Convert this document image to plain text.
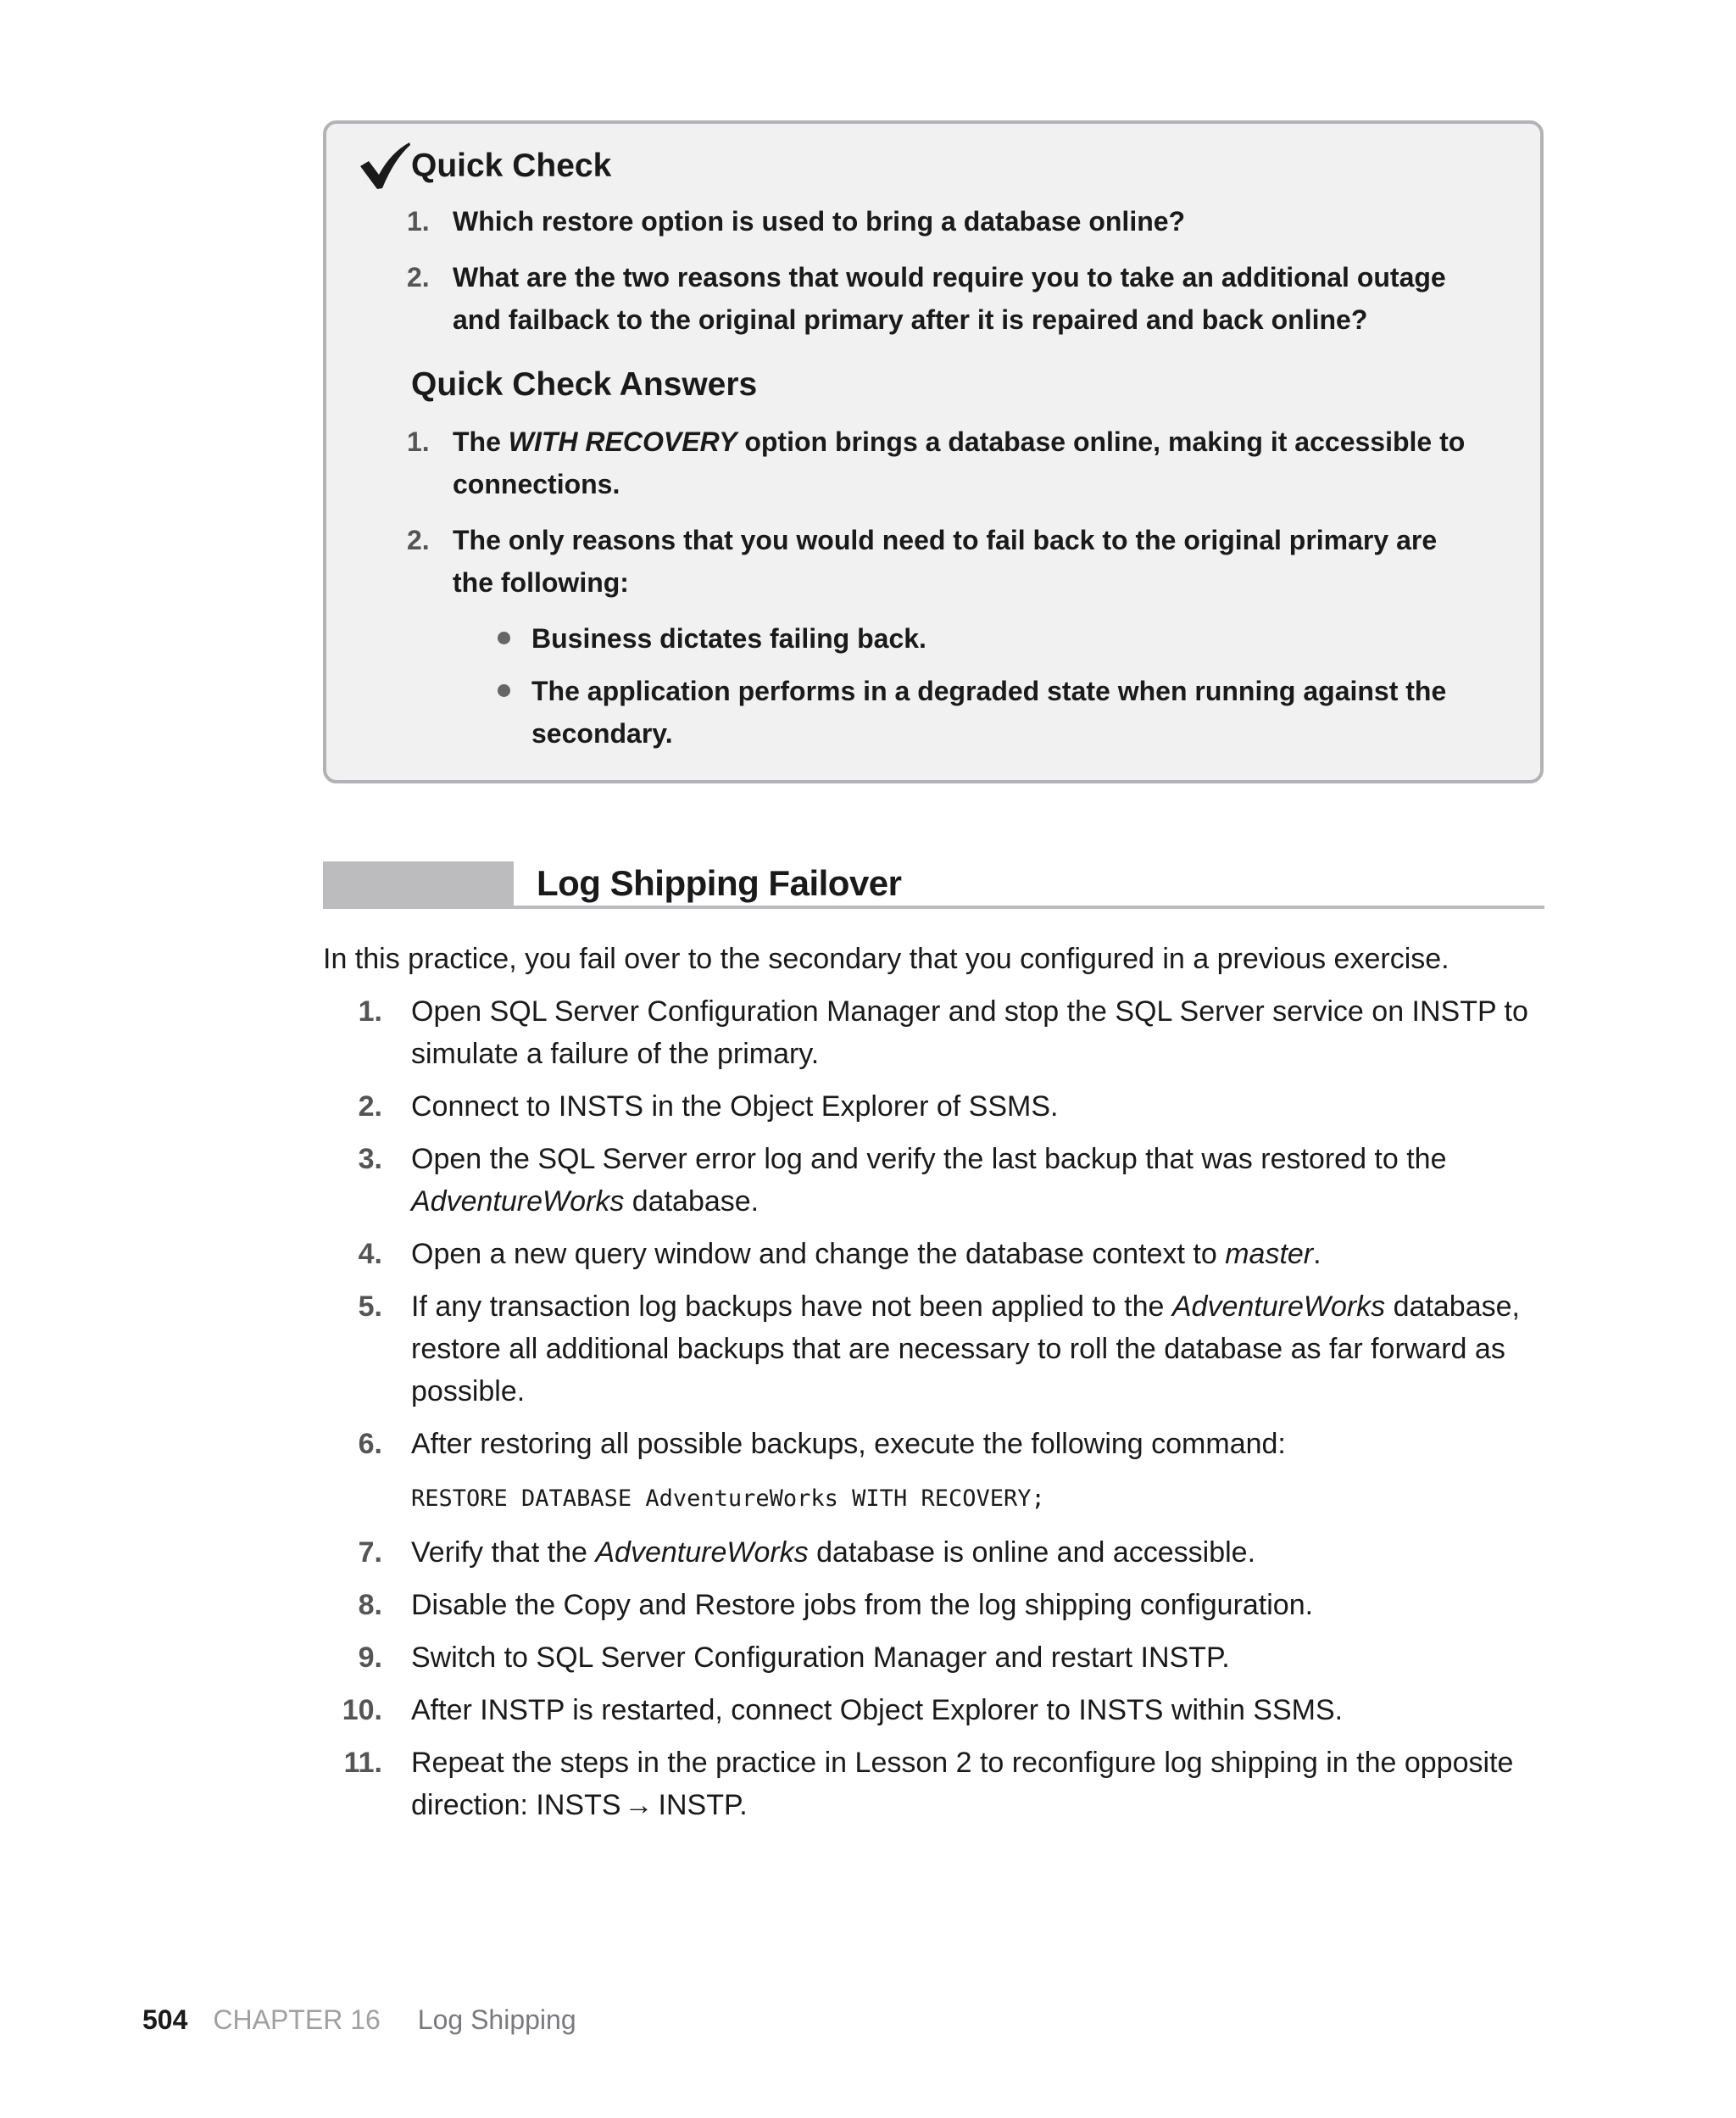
Quick Check
1. Which restore option is used to bring a database online?
2. What are the two reasons that would require you to take an additional outage and failback to the original primary after it is repaired and back online?
Quick Check Answers
1. The WITH RECOVERY option brings a database online, making it accessible to connections.
2. The only reasons that you would need to fail back to the original primary are the following:
Business dictates failing back.
The application performs in a degraded state when running against the secondary.
Log Shipping Failover

In this practice, you fail over to the secondary that you configured in a previous exercise.

1. Open SQL Server Configuration Manager and stop the SQL Server service on INSTP to simulate a failure of the primary.
2. Connect to INSTS in the Object Explorer of SSMS.
3. Open the SQL Server error log and verify the last backup that was restored to the AdventureWorks database.
4. Open a new query window and change the database context to master.
5. If any transaction log backups have not been applied to the AdventureWorks database, restore all additional backups that are necessary to roll the database as far forward as possible.
6. After restoring all possible backups, execute the following command:
RESTORE DATABASE AdventureWorks WITH RECOVERY;
7. Verify that the AdventureWorks database is online and accessible.
8. Disable the Copy and Restore jobs from the log shipping configuration.
9. Switch to SQL Server Configuration Manager and restart INSTP.
10. After INSTP is restarted, connect Object Explorer to INSTS within SSMS.
11. Repeat the steps in the practice in Lesson 2 to reconfigure log shipping in the opposite direction: INSTS → INSTP.
504 CHAPTER 16 Log Shipping
